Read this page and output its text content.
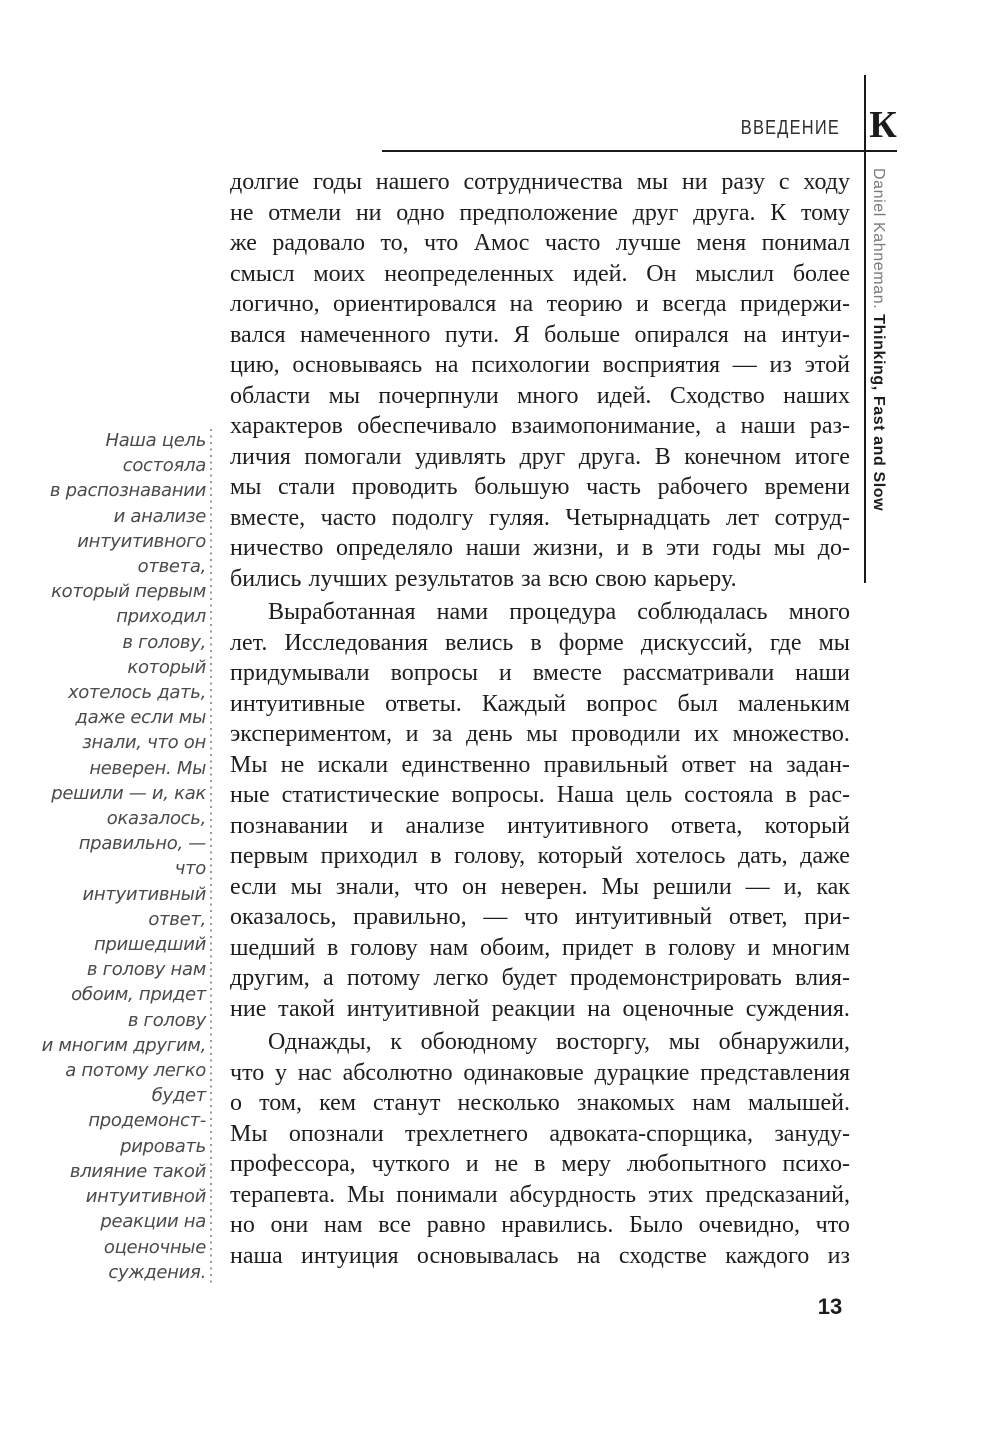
ВВЕДЕНИЕ К
Daniel Kahneman. Thinking, Fast and Slow
Наша цель
состояла
в распознавании
и анализе
интуитивного
ответа,
который первым
приходил
в голову,
который
хотелось дать,
даже если мы
знали, что он
неверен. Мы
решили — и, как
оказалось,
правильно, —
что
интуитивный
ответ,
пришедший
в голову нам
обоим, придет
в голову
и многим другим,
а потому легко
будет
продемонст-
рировать
влияние такой
интуитивной
реакции на
оценочные
суждения.
долгие годы нашего сотрудничества мы ни разу с ходу
не отмели ни одно предположение друг друга. К тому
же радовало то, что Амос часто лучше меня понимал
смысл моих неопределенных идей. Он мыслил более
логично, ориентировался на теорию и всегда придержи-
вался намеченного пути. Я больше опирался на интуи-
цию, основываясь на психологии восприятия — из этой
области мы почерпнули много идей. Сходство наших
характеров обеспечивало взаимопонимание, а наши раз-
личия помогали удивлять друг друга. В конечном итоге
мы стали проводить большую часть рабочего времени
вместе, часто подолгу гуляя. Четырнадцать лет сотруд-
ничество определяло наши жизни, и в эти годы мы до-
бились лучших результатов за всю свою карьеру.
Выработанная нами процедура соблюдалась много
лет. Исследования велись в форме дискуссий, где мы
придумывали вопросы и вместе рассматривали наши
интуитивные ответы. Каждый вопрос был маленьким
экспериментом, и за день мы проводили их множество.
Мы не искали единственно правильный ответ на задан-
ные статистические вопросы. Наша цель состояла в рас-
познавании и анализе интуитивного ответа, который
первым приходил в голову, который хотелось дать, даже
если мы знали, что он неверен. Мы решили — и, как
оказалось, правильно, — что интуитивный ответ, при-
шедший в голову нам обоим, придет в голову и многим
другим, а потому легко будет продемонстрировать влия-
ние такой интуитивной реакции на оценочные суждения.
Однажды, к обоюдному восторгу, мы обнаружили,
что у нас абсолютно одинаковые дурацкие представления
о том, кем станут несколько знакомых нам малышей.
Мы опознали трехлетнего адвоката-спорщика, зануду-
профессора, чуткого и не в меру любопытного психо-
терапевта. Мы понимали абсурдность этих предсказаний,
но они нам все равно нравились. Было очевидно, что
наша интуиция основывалась на сходстве каждого из
13
